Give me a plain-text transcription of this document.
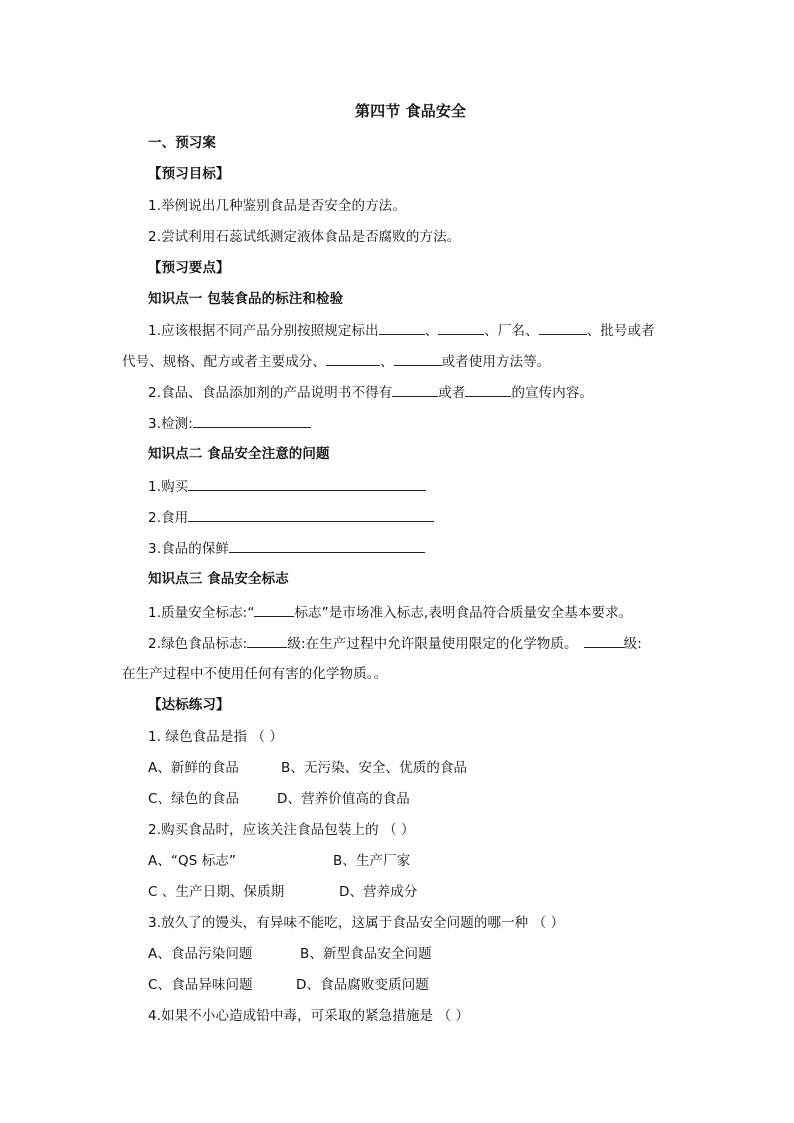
第四节 食品安全
一、预习案
【预习目标】
1.举例说出几种鉴别食品是否安全的方法。
2.尝试利用石蕊试纸测定液体食品是否腐败的方法。
【预习要点】
知识点一 包装食品的标注和检验
1.应该根据不同产品分别按照规定标出	、	、厂名、	、批号或者
代号、规格、配方或者主要成分、	、	或者使用方法等。
2.食品、食品添加剂的产品说明书不得有	或者	的宣传内容。
3.检测:
知识点二 食品安全注意的问题
1.购买
2.食用
3.食品的保鲜
知识点三 食品安全标志
1.质量安全标志:“	标志”是市场准入标志,表明食品符合质量安全基本要求。
2.绿色食品标志:	级:在生产过程中允许限量使用限定的化学物质。	级:
在生产过程中不使用任何有害的化学物质。。
【达标练习】
1. 绿色食品是指 （ ）
A、新鲜的食品	B、无污染、安全、优质的食品
C、绿色的食品	D、营养价值高的食品
2.购买食品时，应该关注食品包装上的 （ ）
A、“QS 标志”	B、生产厂家
C 、生产日期、保质期	D、营养成分
3.放久了的馒头，有异味不能吃，这属于食品安全问题的哪一种 （ ）
A、食品污染问题	B、新型食品安全问题
C、食品异味问题	D、食品腐败变质问题
4.如果不小心造成铅中毒，可采取的紧急措施是 （ ）
